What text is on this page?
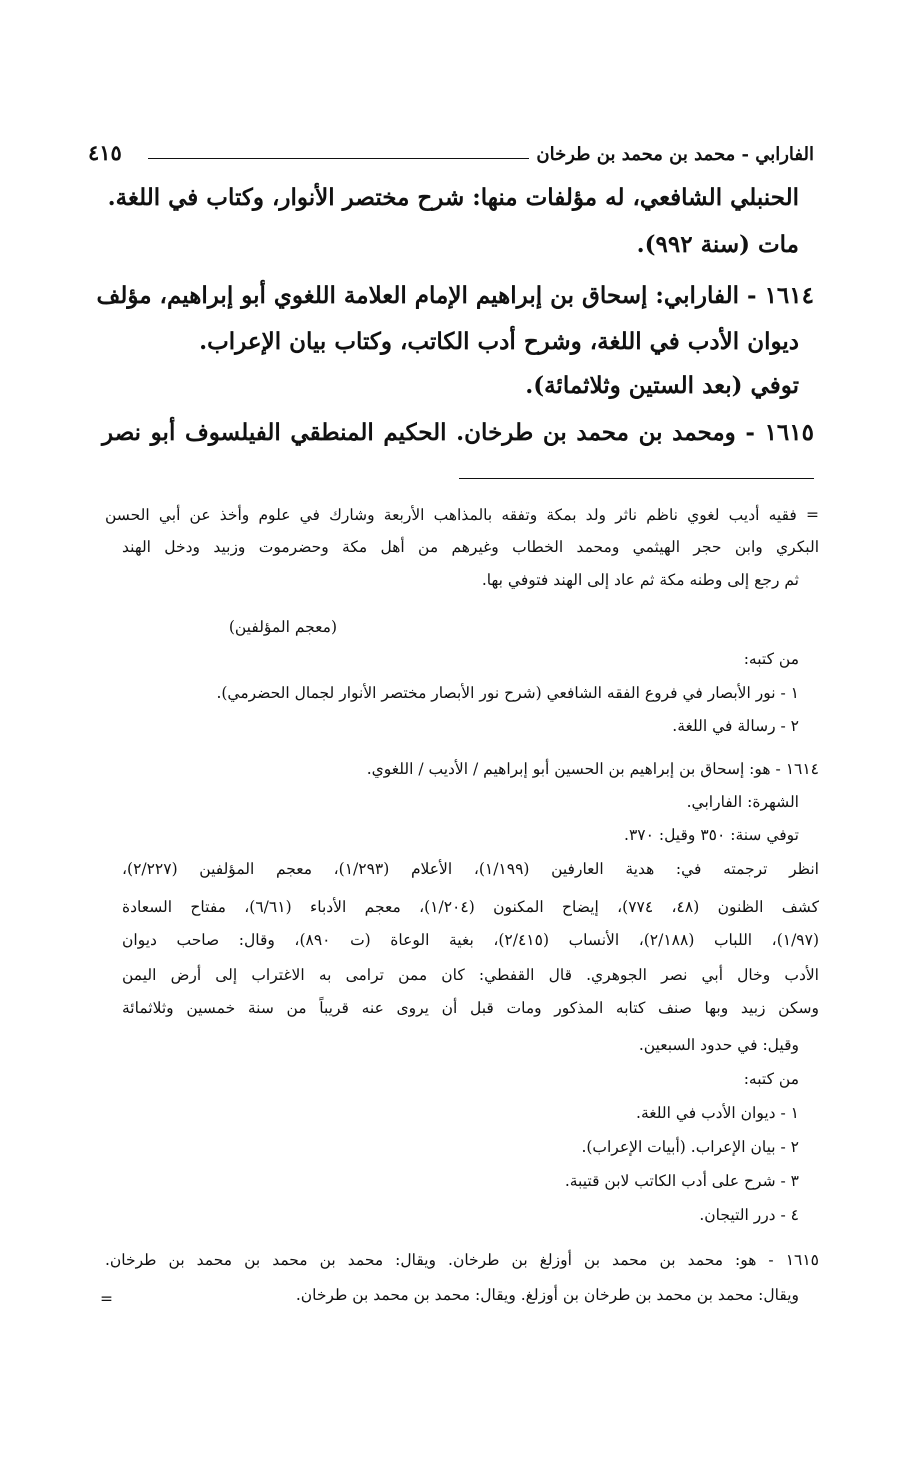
الفارابي - محمد بن محمد بن طرخان
٤١٥
الحنبلي الشافعي، له مؤلفات منها: شرح مختصر الأنوار، وكتاب في اللغة.
مات (سنة ٩٩٢).
١٦١٤ - الفارابي: إسحاق بن إبراهيم الإمام العلامة اللغوي أبو إبراهيم، مؤلف
ديوان الأدب في اللغة، وشرح أدب الكاتب، وكتاب بيان الإعراب.
توفي (بعد الستين وثلاثمائة).
١٦١٥ - ومحمد بن محمد بن طرخان. الحكيم المنطقي الفيلسوف أبو نصر
= فقيه أديب لغوي ناظم ناثر ولد بمكة وتفقه بالمذاهب الأربعة وشارك في علوم وأخذ عن أبي الحسن
البكري وابن حجر الهيثمي ومحمد الخطاب وغيرهم من أهل مكة وحضرموت وزبيد ودخل الهند
ثم رجع إلى وطنه مكة ثم عاد إلى الهند فتوفي بها.
(معجم المؤلفين)
من كتبه:
١ - نور الأبصار في فروع الفقه الشافعي (شرح نور الأبصار مختصر الأنوار لجمال الحضرمي).
٢ - رسالة في اللغة.
١٦١٤ - هو: إسحاق بن إبراهيم بن الحسين أبو إبراهيم / الأديب / اللغوي.
الشهرة: الفارابي.
توفي سنة: ٣٥٠ وقيل: ٣٧٠.
انظر ترجمته في: هدية العارفين (١/١٩٩)، الأعلام (١/٢٩٣)، معجم المؤلفين (٢/٢٢٧)،
كشف الظنون (٤٨، ٧٧٤)، إيضاح المكنون (١/٢٠٤)، معجم الأدباء (٦/٦١)، مفتاح السعادة
(١/٩٧)، اللباب (٢/١٨٨)، الأنساب (٢/٤١٥)، بغية الوعاة (ت ٨٩٠)، وقال: صاحب ديوان
الأدب وخال أبي نصر الجوهري. قال القفطي: كان ممن ترامى به الاغتراب إلى أرض اليمن
وسكن زبيد وبها صنف كتابه المذكور ومات قبل أن يروى عنه قريباً من سنة خمسين وثلاثمائة
وقيل: في حدود السبعين.
من كتبه:
١ - ديوان الأدب في اللغة.
٢ - بيان الإعراب. (أبيات الإعراب).
٣ - شرح على أدب الكاتب لابن قتيبة.
٤ - درر التيجان.
١٦١٥ - هو: محمد بن محمد بن أوزلغ بن طرخان. ويقال: محمد بن محمد بن محمد بن طرخان.
ويقال: محمد بن محمد بن طرخان بن أوزلغ. ويقال: محمد بن محمد بن طرخان.
=
